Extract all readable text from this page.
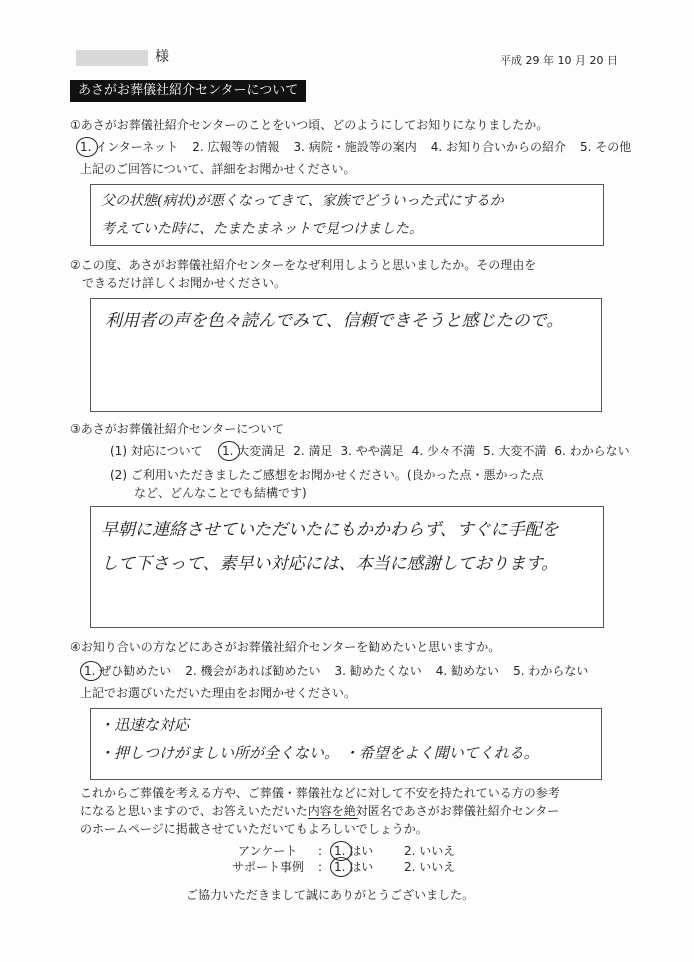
様	平成 29 年 10 月 20 日
あさがお葬儀社紹介センターについて
①あさがお葬儀社紹介センターのことをいつ頃、どのようにしてお知りになりましたか。
1. インターネット 2. 広報等の情報 3. 病院・施設等の案内 4. お知り合いからの紹介 5. その他
上記のご回答について、詳細をお聞かせください。
父の状態(病状)が悪くなってきて、家族でどういった式にするか
考えていた時に、たまたまネットで見つけました。
②この度、あさがお葬儀社紹介センターをなぜ利用しようと思いましたか。その理由を
できるだけ詳しくお聞かせください。
利用者の声を色々読んでみて、信頼できそうと感じたので。
③あさがお葬儀社紹介センターについて
(1) 対応について 1. 大変満足 2. 満足 3. やや満足 4. 少々不満 5. 大変不満 6. わからない
(2) ご利用いただきましたご感想をお聞かせください。(良かった点・悪かった点
など、どんなことでも結構です)
早朝に連絡させていただいたにもかかわらず、すぐに手配を
して下さって、素早い対応には、本当に感謝しております。
④お知り合いの方などにあさがお葬儀社紹介センターを勧めたいと思いますか。
1. ぜひ勧めたい 2. 機会があれば勧めたい 3. 勧めたくない 4. 勧めない 5. わからない
上記でお選びいただいた理由をお聞かせください。
・迅速な対応
・押しつけがましい所が全くない。 ・希望をよく聞いてくれる。
これからご葬儀を考える方や、ご葬儀・葬儀社などに対して不安を持たれている方の参考
になると思いますので、お答えいただいた内容を絶対匿名であさがお葬儀社紹介センター
のホームページに掲載させていただいてもよろしいでしょうか。
アンケート : 1. はい	2. いいえ
サポート事例 : 1. はい	2. いいえ
ご協力いただきまして誠にありがとうございました。
